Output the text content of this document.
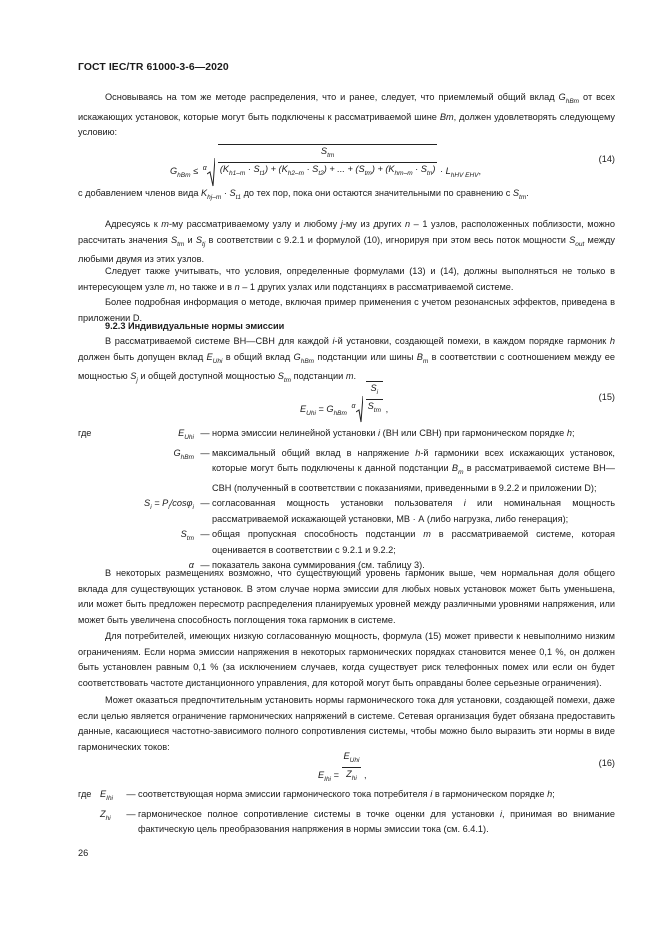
ГОСТ IEC/TR 61000-3-6—2020

Основываясь на том же методе распределения, что и ранее, следует, что приемлемый общий вклад $G_{hBm}$ от всех искажающих установок, которые могут быть подключены к рассматриваемой шине Bm, должен удовлетворять следующему условию:

$G_{hBm} \le _\alpha$
$S_{tm}$
$(K_{h1-m} \cdot S_{t1}) + (K_{h2-m} \cdot S_{t2})$ + ... + $(S_{tm}) + (K_{hm-m} \cdot S_{tn}) \cdot L_{hHV EHV}$,
(14)

с добавлением членов вида $K_{hj-m} \cdot S_{t1}$ до тех пор, пока они остаются значительными по сравнению с $S_{tm}$.

Адресуясь к m-му рассматриваемому узлу и любому j-му из других n – 1 узлов, расположенных поблизости, можно рассчитать значения $S_{tm}$ и $S_{tj}$ в соответствии с 9.2.1 и формулой (10), игнорируя при этом весь поток мощности $S_{out}$ между любыми двумя из этих узлов.

Следует также учитывать, что условия, определенные формулами (13) и (14), должны выполняться не только в интересующем узле m, но также и в n – 1 других узлах или подстанциях в рассматриваемой системе.

Более подробная информация о методе, включая пример применения с учетом резонансных эффектов, приведена в приложении D.

9.2.3 Индивидуальные нормы эмиссии

В рассматриваемой системе ВН—СВН для каждой i-й установки, создающей помехи, в каждом порядке гармоник h должен быть допущен вклад $E_{Uhi}$ в общий вклад $G_{hBm}$ подстанции или шины $B_m$ в соответствии с соотношением между ее мощностью $S_j$ и общей доступной мощностью $S_{tm}$ подстанции m.

$E_{Uhi} = G_{hBm}$ $_\alpha \frac{S_i}{S_{tm}}$ ,
(15)
где	$E_{Uhi}$ — норма эмиссии нелинейной установки i (ВН или СВН) при гармоническом порядке h;
$G_{hBm}$ — максимальный общий вклад в напряжение h-й гармоники всех искажающих установок, которые могут быть подключены к данной подстанции $B_m$ в рассматриваемой системе ВН—СВН (полученный в соответствии с показаниями, приведенными в 9.2.2 и приложении D);
$S_i = P_i/\cos\varphi_i$ — согласованная мощность установки пользователя i или номинальная мощность рассматриваемой искажающей установки, МВ · А (либо нагрузка, либо генерация);
$S_{tm}$ — общая пропускная способность подстанции m в рассматриваемой системе, которая оценивается в соответствии с 9.2.1 и 9.2.2;
α — показатель закона суммирования (см. таблицу 3).

В некоторых размещениях возможно, что существующий уровень гармоник выше, чем нормальная доля общего вклада для существующих установок. В этом случае норма эмиссии для любых новых установок может быть уменьшена, или может быть предложен пересмотр распределения планируемых уровней между различными уровнями напряжения, или может быть увеличена способность поглощения тока гармоник в системе.

Для потребителей, имеющих низкую согласованную мощность, формула (15) может привести к невыполнимо низким ограничениям. Если норма эмиссии напряжения в некоторых гармонических порядках становится менее 0,1 %, он должен быть установлен равным 0,1 % (за исключением случаев, когда существует риск телефонных помех или если он будет соответствовать частоте дистанционного управления, для которой могут быть оправданы более серьезные ограничения).

Может оказаться предпочтительным установить нормы гармонического тока для установки, создающей помехи, даже если целью является ограничение гармонических напряжений в системе. Сетевая организация будет обязана предоставить данные, касающиеся частотно-зависимого полного сопротивления системы, чтобы можно было выразить эти нормы в виде гармонических токов:

$E_{Ihi} = \frac{E_{Uhi}}{Z_{hi}}$ ,
(16)
где $E_{Ihi}$	— соответствующая норма эмиссии гармонического тока потребителя i в гармоническом порядке h;
$Z_{hi}$	— гармоническое полное сопротивление системы в точке оценки для установки i, принимая во внимание фактическую цель преобразования напряжения в нормы эмиссии тока (см. 6.4.1).
26
